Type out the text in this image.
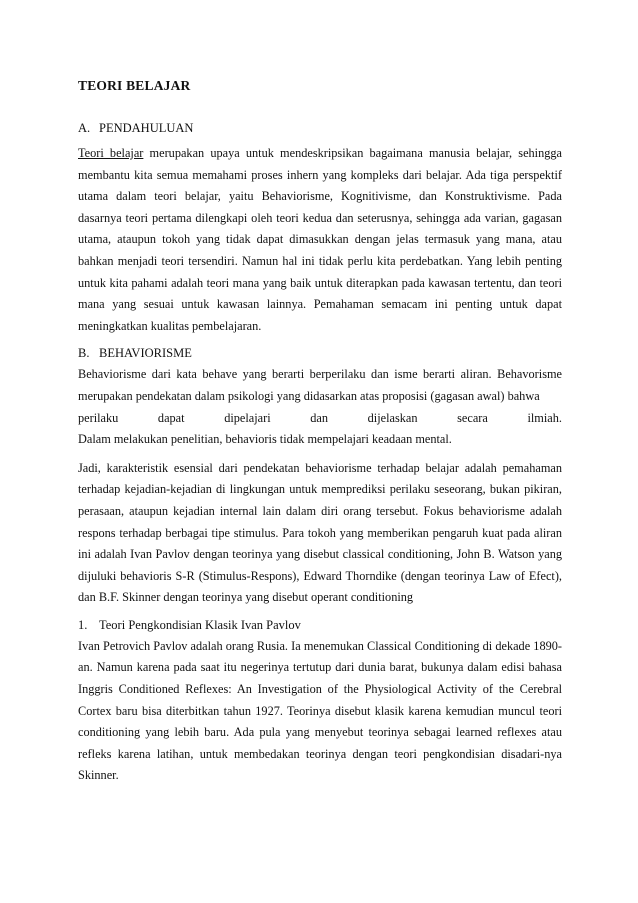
TEORI BELAJAR
A. PENDAHULUAN

Teori belajar merupakan upaya untuk mendeskripsikan bagaimana manusia belajar, sehingga membantu kita semua memahami proses inhern yang kompleks dari belajar. Ada tiga perspektif utama dalam teori belajar, yaitu Behaviorisme, Kognitivisme, dan Konstruktivisme. Pada dasarnya teori pertama dilengkapi oleh teori kedua dan seterusnya, sehingga ada varian, gagasan utama, ataupun tokoh yang tidak dapat dimasukkan dengan jelas termasuk yang mana, atau bahkan menjadi teori tersendiri. Namun hal ini tidak perlu kita perdebatkan. Yang lebih penting untuk kita pahami adalah teori mana yang baik untuk diterapkan pada kawasan tertentu, dan teori mana yang sesuai untuk kawasan lainnya. Pemahaman semacam ini penting untuk dapat meningkatkan kualitas pembelajaran.

B. BEHAVIORISME

Behaviorisme dari kata behave yang berarti berperilaku dan isme berarti aliran. Behavorisme merupakan pendekatan dalam psikologi yang didasarkan atas proposisi (gagasan awal) bahwa

perilaku	dapat	dipelajari	dan	dijelaskan	secara	ilmiah.

Dalam melakukan penelitian, behavioris tidak mempelajari keadaan mental.

Jadi, karakteristik esensial dari pendekatan behaviorisme terhadap belajar adalah pemahaman terhadap kejadian-kejadian di lingkungan untuk memprediksi perilaku seseorang, bukan pikiran, perasaan, ataupun kejadian internal lain dalam diri orang tersebut. Fokus behaviorisme adalah respons terhadap berbagai tipe stimulus. Para tokoh yang memberikan pengaruh kuat pada aliran ini adalah Ivan Pavlov dengan teorinya yang disebut classical conditioning, John B. Watson yang dijuluki behavioris S-R (Stimulus-Respons), Edward Thorndike (dengan teorinya Law of Efect), dan B.F. Skinner dengan teorinya yang disebut operant conditioning

1. Teori Pengkondisian Klasik Ivan Pavlov

Ivan Petrovich Pavlov adalah orang Rusia. Ia menemukan Classical Conditioning di dekade 1890-an. Namun karena pada saat itu negerinya tertutup dari dunia barat, bukunya dalam edisi bahasa Inggris Conditioned Reflexes: An Investigation of the Physiological Activity of the Cerebral Cortex baru bisa diterbitkan tahun 1927. Teorinya disebut klasik karena kemudian muncul teori conditioning yang lebih baru. Ada pula yang menyebut teorinya sebagai learned reflexes atau refleks karena latihan, untuk membedakan teorinya dengan teori pengkondisian disadari-nya Skinner.
